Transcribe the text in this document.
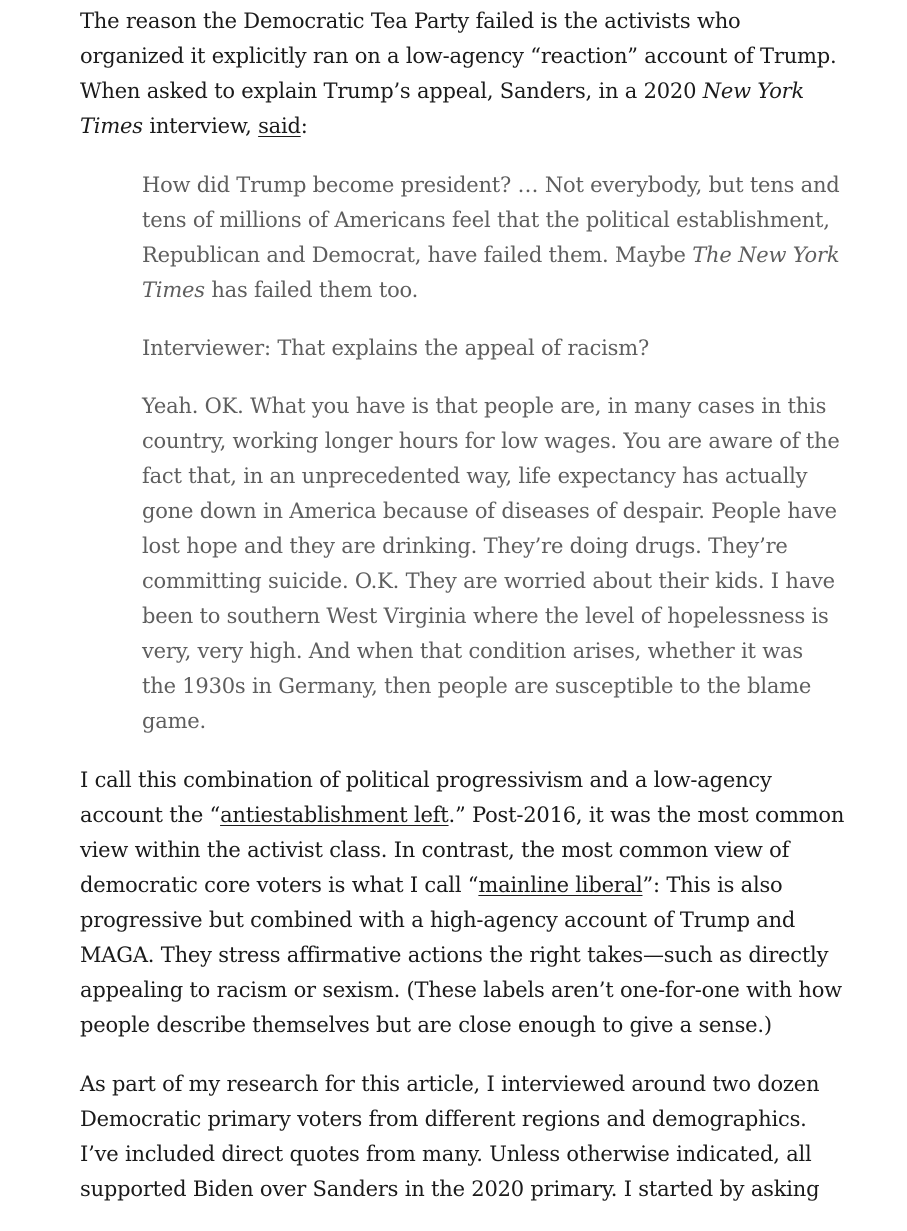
The reason the Democratic Tea Party failed is the activists who organized it explicitly ran on a low-agency “reaction” account of Trump. When asked to explain Trump’s appeal, Sanders, in a 2020 New York Times interview, said:

How did Trump become president? … Not everybody, but tens and tens of millions of Americans feel that the political establishment, Republican and Democrat, have failed them. Maybe The New York Times has failed them too.

Interviewer: That explains the appeal of racism?

Yeah. OK. What you have is that people are, in many cases in this country, working longer hours for low wages. You are aware of the fact that, in an unprecedented way, life expectancy has actually gone down in America because of diseases of despair. People have lost hope and they are drinking. They’re doing drugs. They’re committing suicide. O.K. They are worried about their kids. I have been to southern West Virginia where the level of hopelessness is very, very high. And when that condition arises, whether it was the 1930s in Germany, then people are susceptible to the blame game.

I call this combination of political progressivism and a low-agency account the “antiestablishment left.” Post-2016, it was the most common view within the activist class. In contrast, the most common view of democratic core voters is what I call “mainline liberal”: This is also progressive but combined with a high-agency account of Trump and MAGA. They stress affirmative actions the right takes—such as directly appealing to racism or sexism. (These labels aren’t one-for-one with how people describe themselves but are close enough to give a sense.)

As part of my research for this article, I interviewed around two dozen Democratic primary voters from different regions and demographics. I’ve included direct quotes from many. Unless otherwise indicated, all supported Biden over Sanders in the 2020 primary. I started by asking
